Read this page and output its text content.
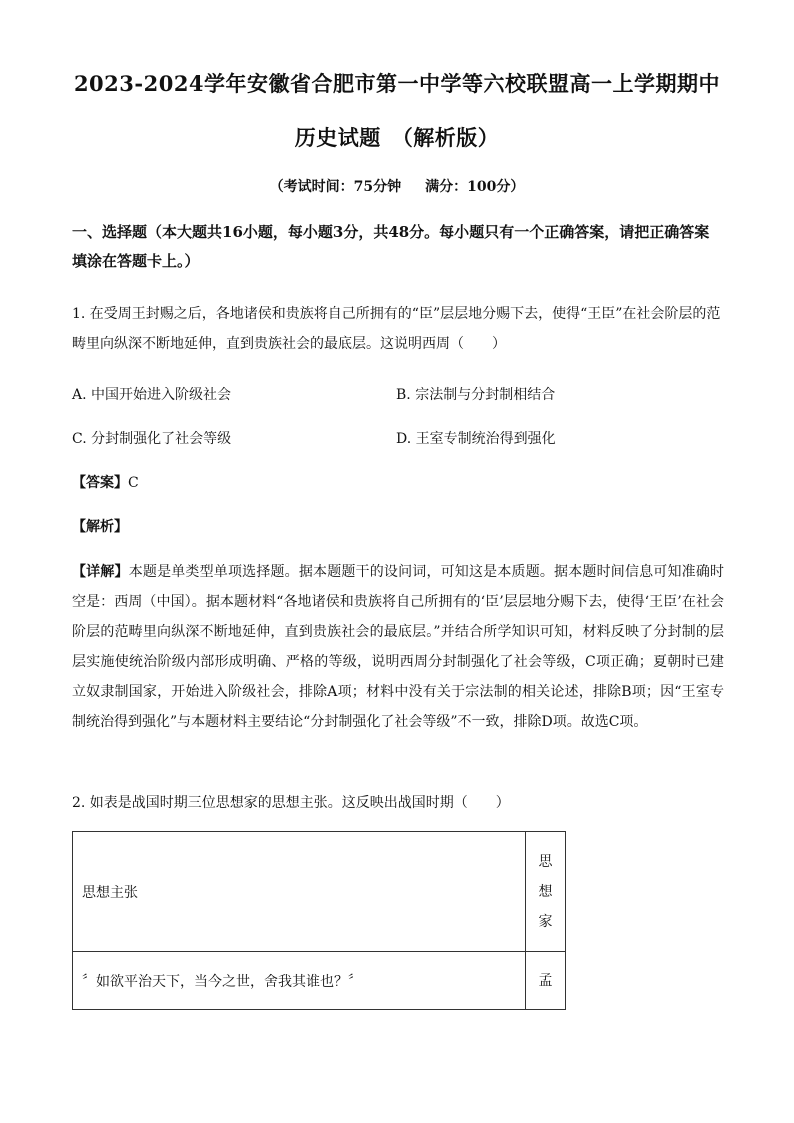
2023-2024学年安徽省合肥市第一中学等六校联盟高一上学期期中
历史试题　（解析版）
（考试时间：75分钟 满分：100分）
一、选择题（本大题共16小题，每小题3分，共48分。每小题只有一个正确答案，请把正确答案填涂在答题卡上。）
1. 在受周王封赐之后，各地诸侯和贵族将自己所拥有的“臣”层层地分赐下去，使得“王臣”在社会阶层的范畴里向纵深不断地延伸，直到贵族社会的最底层。这说明西周（　　）
A. 中国开始进入阶级社会	B. 宗法制与分封制相结合
C. 分封制强化了社会等级	D. 王室专制统治得到强化
【答案】C
【解析】
【详解】本题是单类型单项选择题。据本题题干的设问词，可知这是本质题。据本题时间信息可知准确时空是：西周（中国）。据本题材料“各地诸侯和贵族将自己所拥有的‘臣’层层地分赐下去，使得‘王臣’在社会阶层的范畴里向纵深不断地延伸，直到贵族社会的最底层。”并结合所学知识可知，材料反映了分封制的层层实施使统治阶级内部形成明确、严格的等级，说明西周分封制强化了社会等级，C项正确；夏朝时已建立奴隶制国家，开始进入阶级社会，排除A项；材料中没有关于宗法制的相关论述，排除B项；因“王室专制统治得到强化”与本题材料主要结论“分封制强化了社会等级”不一致，排除D项。故选C项。
2. 如表是战国时期三位思想家的思想主张。这反映出战国时期（　　）
思想主张	思
想
家

〞如欲平治天下，当今之世，舍我其谁也？〞	孟
